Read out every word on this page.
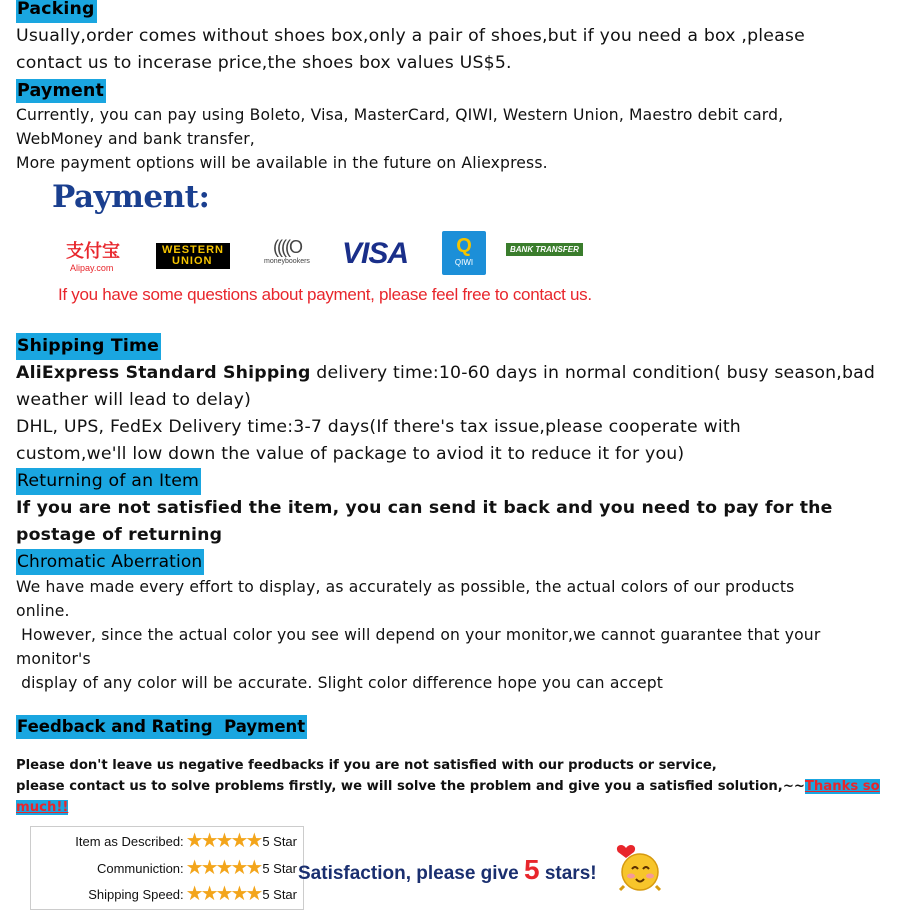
Packing
Usually,order comes without shoes box,only a pair of shoes,but if you need a box ,please
contact us to incerase price,the shoes box values US$5.
Payment
Currently, you can pay using Boleto, Visa, MasterCard, QIWI, Western Union, Maestro debit card,
WebMoney and bank transfer,
More payment options will be available in the future on Aliexpress.
Payment:
支付宝
Alipay.com
WESTERN
UNION
((((O
moneybookers VISA	Q
QIWI
BANK TRANSFER
If you have some questions about payment, please feel free to contact us.
Shipping Time
AliExpress Standard Shipping delivery time:10-60 days in normal condition( busy season,bad
weather will lead to delay)
DHL, UPS, FedEx Delivery time:3-7 days(If there's tax issue,please cooperate with
custom,we'll low down the value of package to aviod it to reduce it for you)
Returning of an Item
If you are not satisfied the item, you can send it back and you need to pay for the
postage of returning
Chromatic Aberration
We have made every effort to display, as accurately as possible, the actual colors of our products
online.
However, since the actual color you see will depend on your monitor,we cannot guarantee that your
monitor's
display of any color will be accurate. Slight color difference hope you can accept
Feedback and Rating  Payment
Please don't leave us negative feedbacks if you are not satisfied with our products or service,
please contact us to solve problems firstly, we will solve the problem and give you a satisfied solution,~~Thanks so much!!
Item as Described: ★★★★★ 5 Star
Communiction: ★★★★★ 5 Star
Shipping Speed: ★★★★★ 5 Star
Satisfaction, please give 5 stars!
